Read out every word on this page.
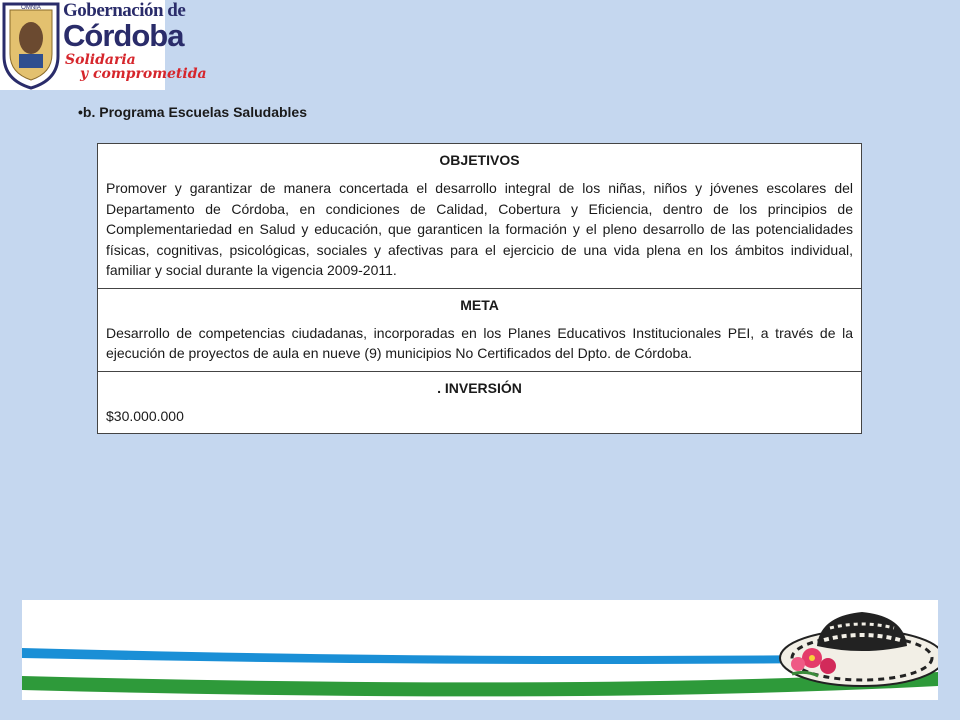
OMNIA Gobernación de
Córdoba
Solidaria
y comprometida
•b. Programa Escuelas Saludables
OBJETIVOS
Promover y garantizar de manera concertada el desarrollo integral de los niñas, niños y jóvenes escolares del Departamento de Córdoba, en condiciones de Calidad, Cobertura y Eficiencia, dentro de los principios de Complementariedad en Salud y educación, que garanticen la formación y el pleno desarrollo de las potencialidades físicas, cognitivas, psicológicas, sociales y afectivas para el ejercicio de una vida plena en los ámbitos individual, familiar y social durante la vigencia 2009-2011.

META
Desarrollo de competencias ciudadanas, incorporadas en los Planes Educativos Institucionales PEI, a través de la ejecución de proyectos de aula en nueve (9) municipios No Certificados del Dpto. de Córdoba.

. INVERSIÓN
$30.000.000
